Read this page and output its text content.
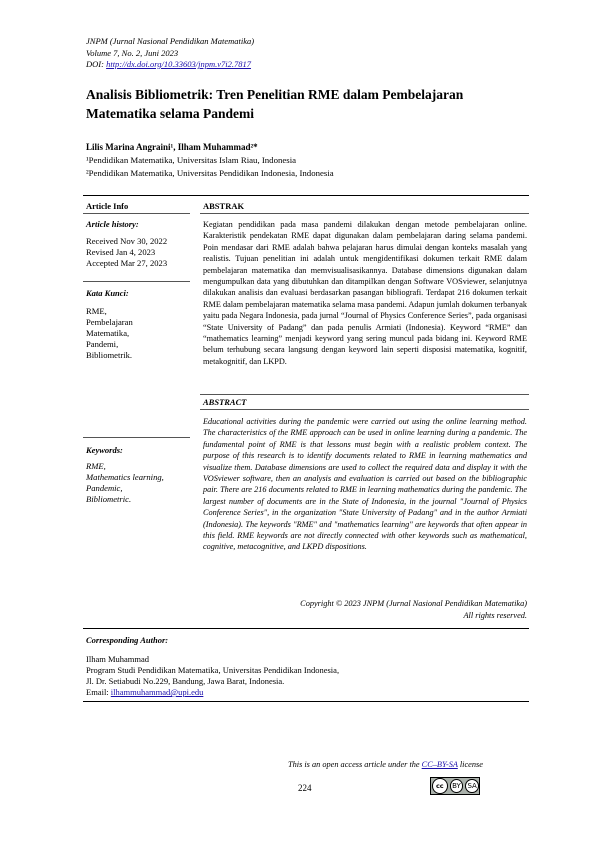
JNPM (Jurnal Nasional Pendidikan Matematika)
Volume 7, No. 2, Juni 2023
DOI: http://dx.doi.org/10.33603/jnpm.v7i2.7817
Analisis Bibliometrik: Tren Penelitian RME dalam Pembelajaran Matematika selama Pandemi
Lilis Marina Angraini¹, Ilham Muhammad²*
¹Pendidikan Matematika, Universitas Islam Riau, Indonesia
²Pendidikan Matematika, Universitas Pendidikan Indonesia, Indonesia
Article Info	ABSTRAK
Article history:
Received Nov 30, 2022
Revised Jan 4, 2023
Accepted Mar 27, 2023
Kata Kunci:
RME,
Pembelajaran
Matematika,
Pandemi,
Bibliometrik.
Kegiatan pendidikan pada masa pandemi dilakukan dengan metode pembelajaran online. Karakteristik pendekatan RME dapat digunakan dalam pembelajaran daring selama pandemi. Poin mendasar dari RME adalah bahwa pelajaran harus dimulai dengan konteks masalah yang realistis. Tujuan penelitian ini adalah untuk mengidentifikasi dokumen terkait RME dalam pembelajaran matematika dan memvisualisasikannya. Database dimensions digunakan dalam mengumpulkan data yang dibutuhkan dan ditampilkan dengan Software VOSviewer, selanjutnya dilakukan analisis dan evaluasi berdasarkan pasangan bibliografi. Terdapat 216 dokumen terkait RME dalam pembelajaran matematika selama masa pandemi. Adapun jumlah dokumen terbanyak yaitu pada Negara Indonesia, pada jurnal “Journal of Physics Conference Series”, pada organisasi “State University of Padang” dan pada penulis Armiati (Indonesia). Keyword “RME” dan “mathematics learning” menjadi keyword yang sering muncul pada bidang ini. Keyword RME belum terhubung secara langsung dengan keyword lain seperti disposisi matematika, kognitif, metakognitif, dan LKPD.
ABSTRACT
Keywords:
RME,
Mathematics learning,
Pandemic,
Bibliometric.
Educational activities during the pandemic were carried out using the online learning method. The characteristics of the RME approach can be used in online learning during a pandemic. The fundamental point of RME is that lessons must begin with a realistic problem context. The purpose of this research is to identify documents related to RME in learning mathematics and visualize them. Database dimensions are used to collect the required data and display it with the VOSviewer software, then an analysis and evaluation is carried out based on the bibliographic pair. There are 216 documents related to RME in learning mathematics during the pandemic. The largest number of documents are in the State of Indonesia, in the journal "Journal of Physics Conference Series", in the organization "State University of Padang" and in the author Armiati (Indonesia). The keywords "RME" and "mathematics learning" are keywords that often appear in this field. RME keywords are not directly connected with other keywords such as mathematical, cognitive, metacognitive, and LKPD dispositions.
Copyright © 2023 JNPM (Jurnal Nasional Pendidikan Matematika)
All rights reserved.
Corresponding Author:
Ilham Muhammad
Program Studi Pendidikan Matematika, Universitas Pendidikan Indonesia,
Jl. Dr. Setiabudi No.229, Bandung, Jawa Barat, Indonesia.
Email: ilhammuhammad@upi.edu
This is an open access article under the CC–BY-SA license
224	cc	BY SA
